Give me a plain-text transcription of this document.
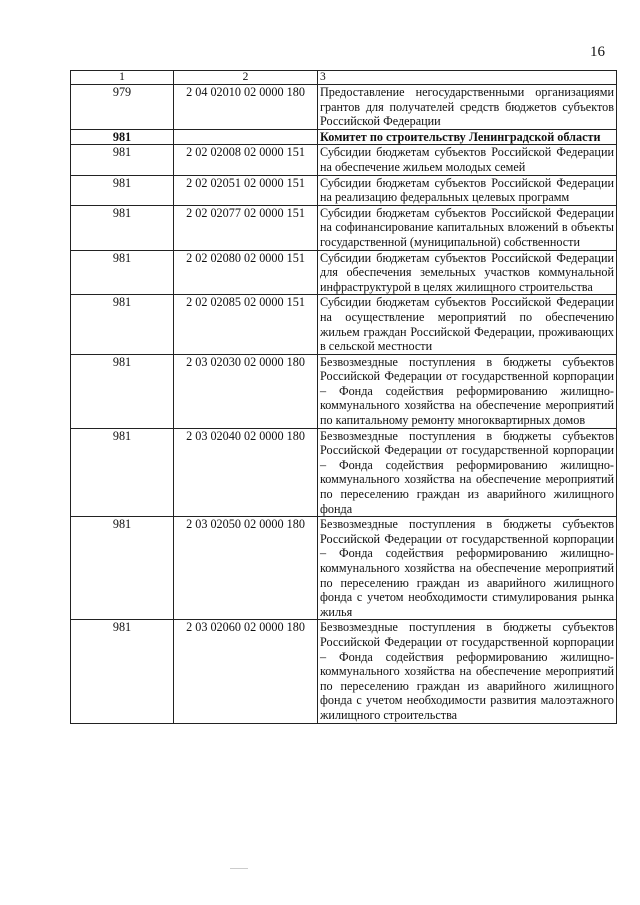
16
1	2	3
979	2 04 02010 02 0000 180	Предоставление негосударственными организациями грантов для получателей средств бюджетов субъектов Российской Федерации
981		Комитет по строительству Ленинградской области
981	2 02 02008 02 0000 151	Субсидии бюджетам субъектов Российской Федерации на обеспечение жильем молодых семей
981	2 02 02051 02 0000 151	Субсидии бюджетам субъектов Российской Федерации на реализацию федеральных целевых программ
981	2 02 02077 02 0000 151	Субсидии бюджетам субъектов Российской Федерации на софинансирование капитальных вложений в объекты государственной (муниципальной) собственности
981	2 02 02080 02 0000 151	Субсидии бюджетам субъектов Российской Федерации для обеспечения земельных участков коммунальной инфраструктурой в целях жилищного строительства
981	2 02 02085 02 0000 151	Субсидии бюджетам субъектов Российской Федерации на осуществление мероприятий по обеспечению жильем граждан Российской Федерации, проживающих в сельской местности
981	2 03 02030 02 0000 180	Безвозмездные поступления в бюджеты субъектов Российской Федерации от государственной корпорации – Фонда содействия реформированию жилищно-коммунального хозяйства на обеспечение мероприятий по капитальному ремонту многоквартирных домов
981	2 03 02040 02 0000 180	Безвозмездные поступления в бюджеты субъектов Российской Федерации от государственной корпорации – Фонда содействия реформированию жилищно-коммунального хозяйства на обеспечение мероприятий по переселению граждан из аварийного жилищного фонда
981	2 03 02050 02 0000 180	Безвозмездные поступления в бюджеты субъектов Российской Федерации от государственной корпорации – Фонда содействия реформированию жилищно-коммунального хозяйства на обеспечение мероприятий по переселению граждан из аварийного жилищного фонда с учетом необходимости стимулирования рынка жилья
981	2 03 02060 02 0000 180	Безвозмездные поступления в бюджеты субъектов Российской Федерации от государственной корпорации – Фонда содействия реформированию жилищно-коммунального хозяйства на обеспечение мероприятий по переселению граждан из аварийного жилищного фонда с учетом необходимости развития малоэтажного жилищного строительства
